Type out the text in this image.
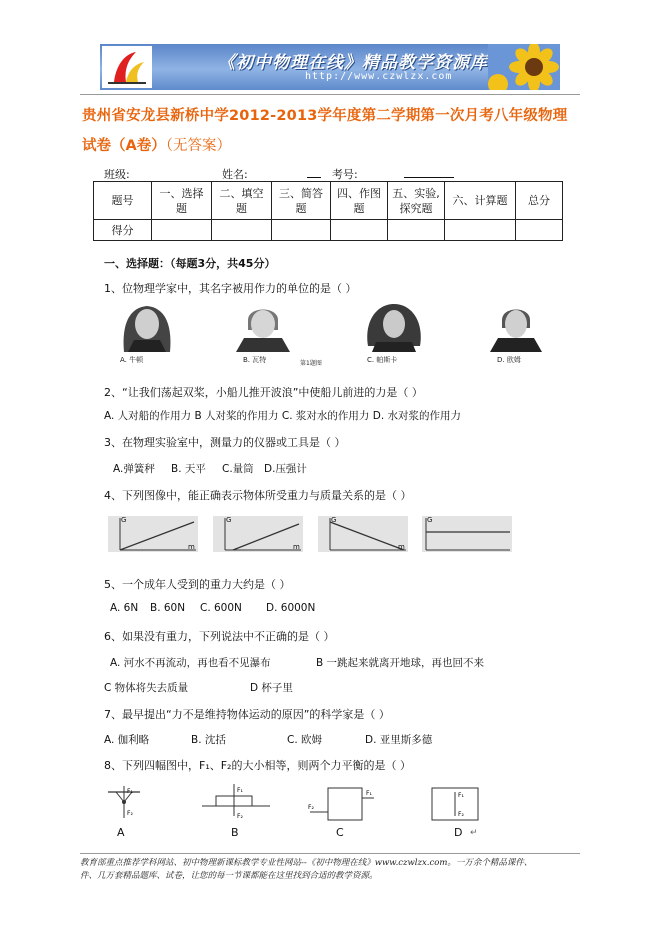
《初中物理在线》精品教学资源库
http://www.czwlzx.com
贵州省安龙县新桥中学2012-2013学年度第二学期第一次月考八年级物理
试卷（A卷）（无答案）
班级:	姓名:	考号:
题号	一、选择题	二、填空题	三、简答题	四、作图题	五、实验,探究题	六、计算题	总分
得分							
一、选择题：（每题3分，共45分）
1、位物理学家中，其名字被用作力的单位的是（ ）
A. 牛顿	B. 瓦特	第1题图	C. 帕斯卡	D. 欧姆
2、“让我们荡起双桨，小船儿推开波浪”中使船儿前进的力是（ ）
A. 人对船的作用力 B 人对桨的作用力 C. 浆对水的作用力 D. 水对浆的作用力
3、在物理实验室中，测量力的仪器或工具是（ ）
A.弹簧秤 B. 天平 C.量筒 D.压强计
4、下列图像中，能正确表示物体所受重力与质量关系的是（ ）
G
m
G
m
G
m
G
5、一个成年人受到的重力大约是（ ）
A. 6N B. 60N C. 600N D. 6000N
6、如果没有重力，下列说法中不正确的是（ ）
A. 河水不再流动，再也看不见瀑布	B 一跳起来就离开地球，再也回不来
C 物体将失去质量	D 杯子里
7、最早提出“力不是维持物体运动的原因”的科学家是（ ）
A. 伽利略	B. 沈括	C. 欧姆	D. 亚里斯多德
8、下列四幅图中，F₁、F₂的大小相等，则两个力平衡的是（ ）
F₁
F₂
F₁
F₂
F₂
F₁	F₁
F₂
A	B	C	D ↵
教育部重点推荐学科网站、初中物理新课标教学专业性网站--《初中物理在线》www.czwlzx.com。一万余个精品课件、
件、几万套精品题库、试卷，让您的每一节课都能在这里找到合适的教学资源。
